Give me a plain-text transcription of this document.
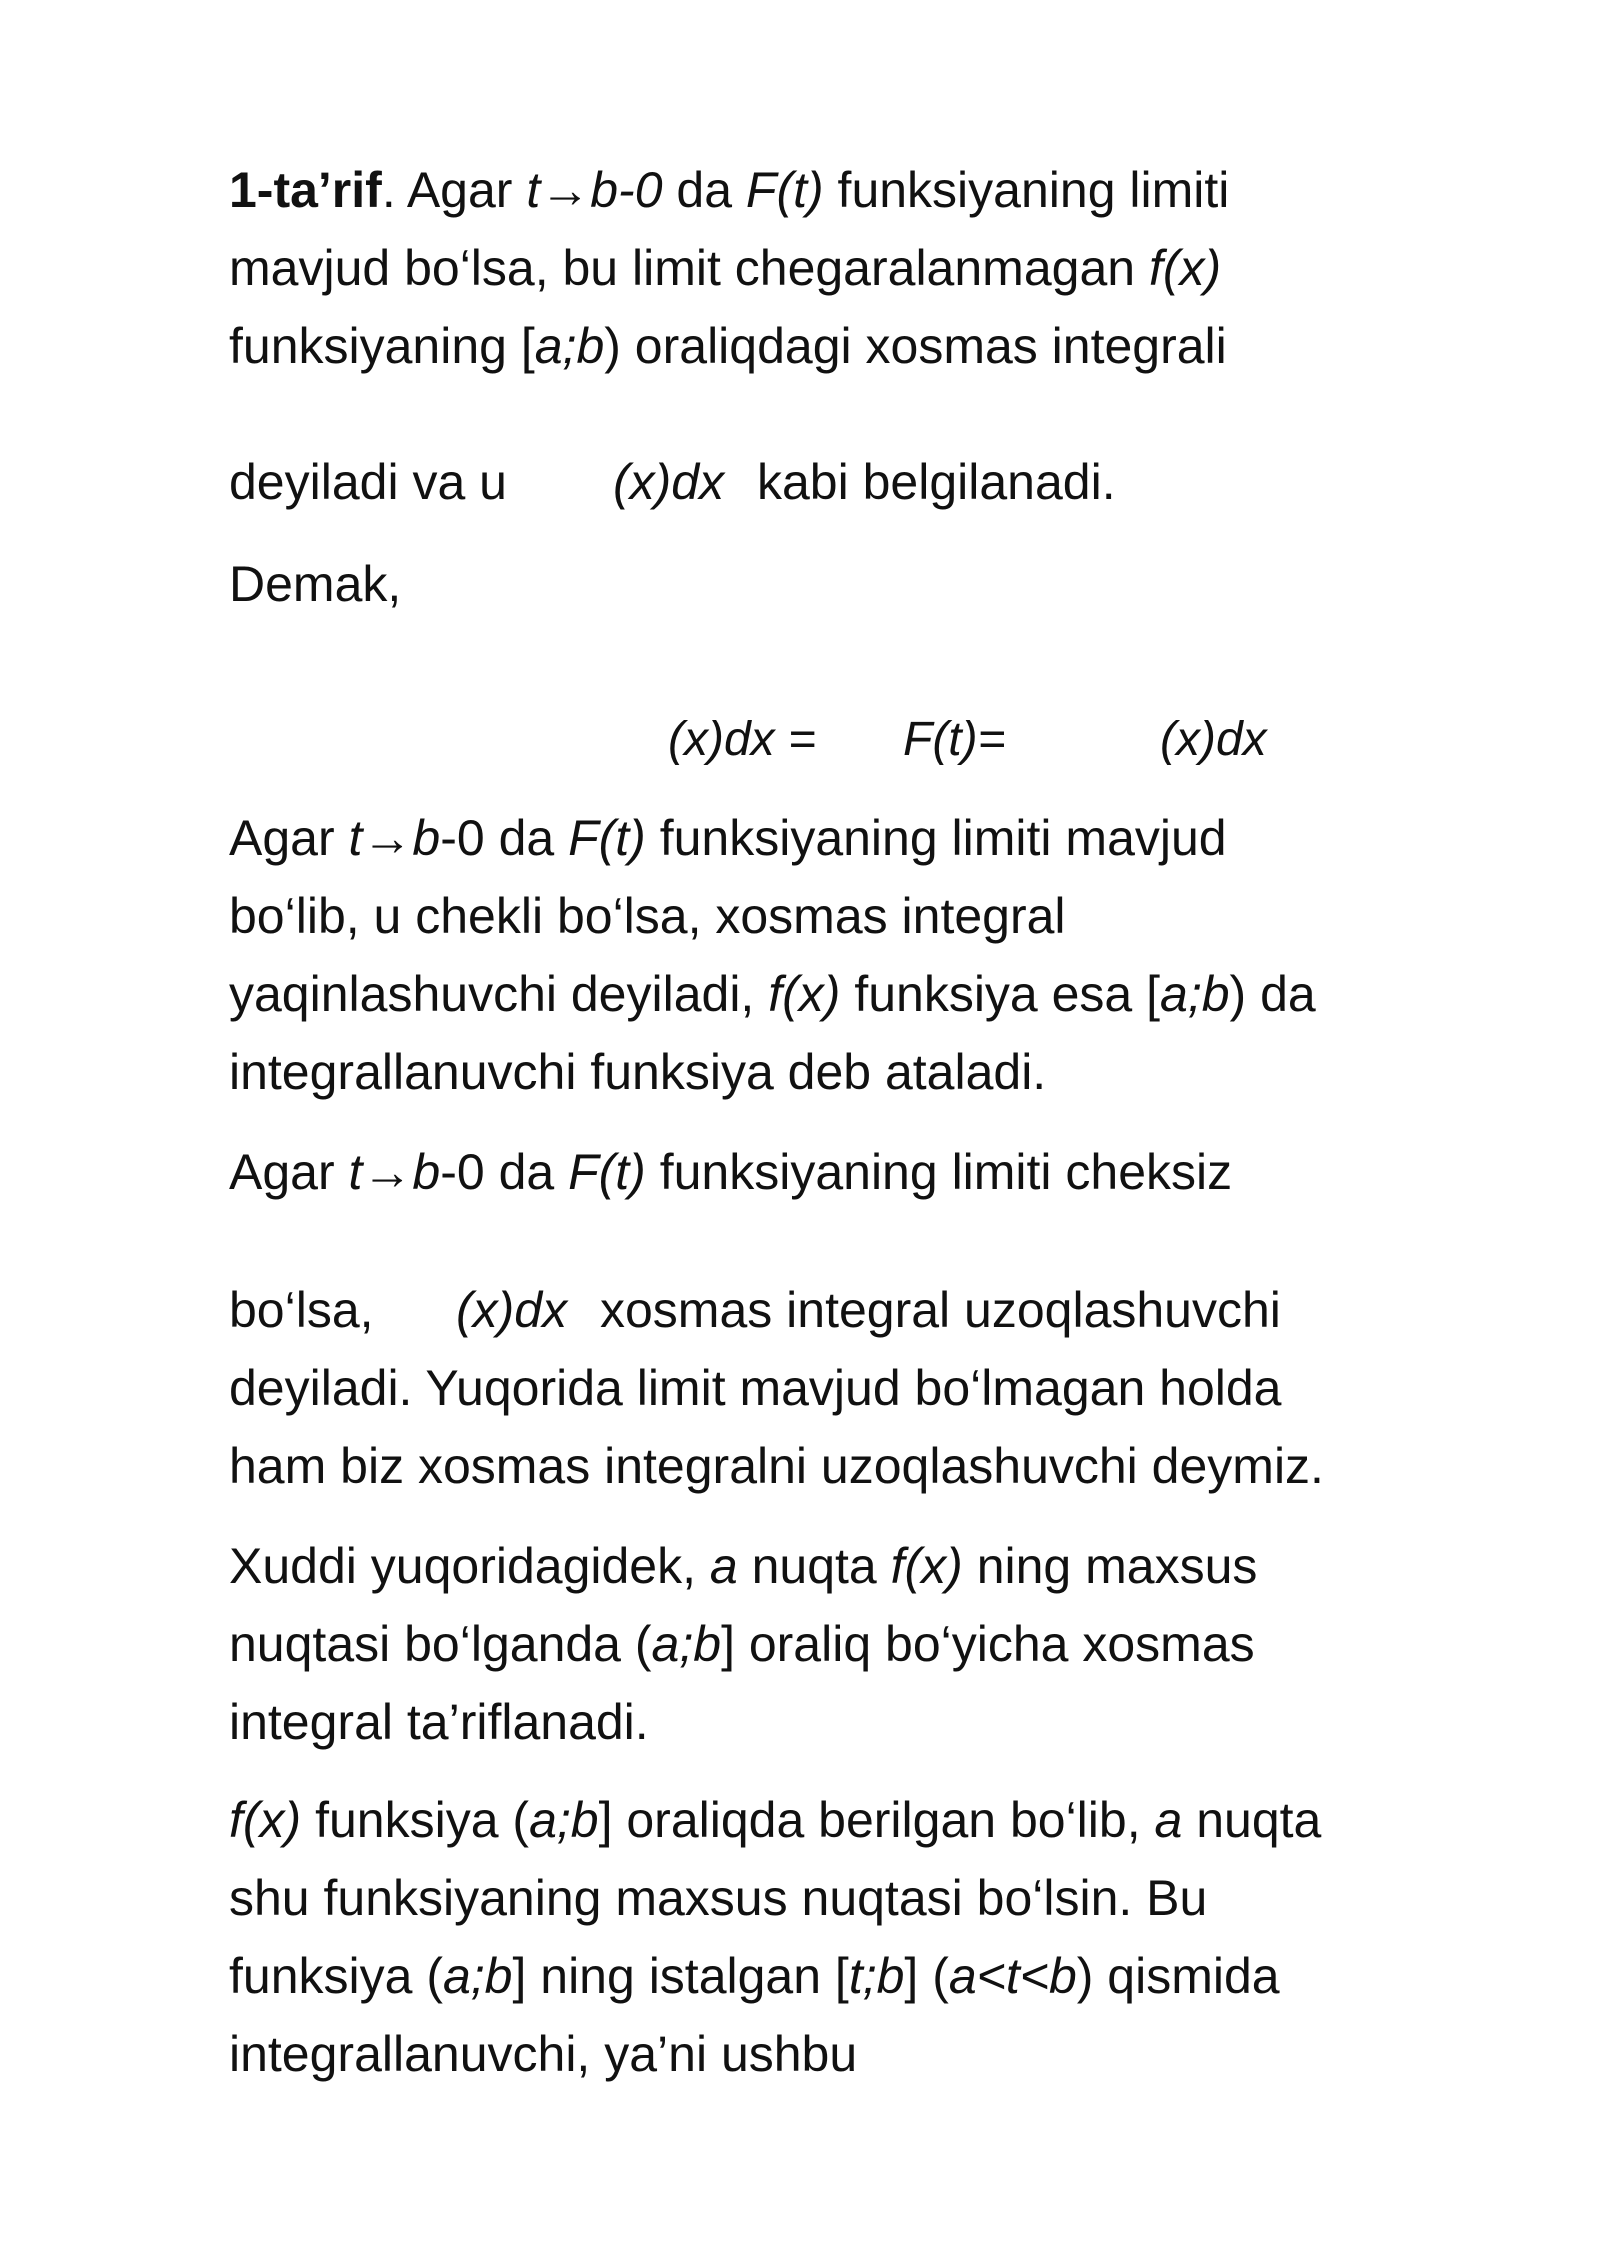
1-ta’rif. Agar t→b-0 da F(t) funksiyaning limiti
mavjud bo‘lsa, bu limit chegaralanmagan f(x)
funksiyaning [a;b) oraliqdagi xosmas integrali
deyiladi va u (x)dx kabi belgilanadi.
Demak,
(x)dx = F(t)=	(x)dx
Agar t→b-0 da F(t) funksiyaning limiti mavjud
bo‘lib, u chekli bo‘lsa, xosmas integral
yaqinlashuvchi deyiladi, f(x) funksiya esa [a;b) da
integrallanuvchi funksiya deb ataladi.
Agar t→b-0 da F(t) funksiyaning limiti cheksiz
bo‘lsa, (x)dx xosmas integral uzoqlashuvchi
deyiladi. Yuqorida limit mavjud bo‘lmagan holda
ham biz xosmas integralni uzoqlashuvchi deymiz.
Xuddi yuqoridagidek, a nuqta f(x) ning maxsus
nuqtasi bo‘lganda (a;b] oraliq bo‘yicha xosmas
integral ta’riflanadi.
f(x) funksiya (a;b] oraliqda berilgan bo‘lib, a nuqta
shu funksiyaning maxsus nuqtasi bo‘lsin. Bu
funksiya (a;b] ning istalgan [t;b] (a<t<b) qismida
integrallanuvchi, ya’ni ushbu
